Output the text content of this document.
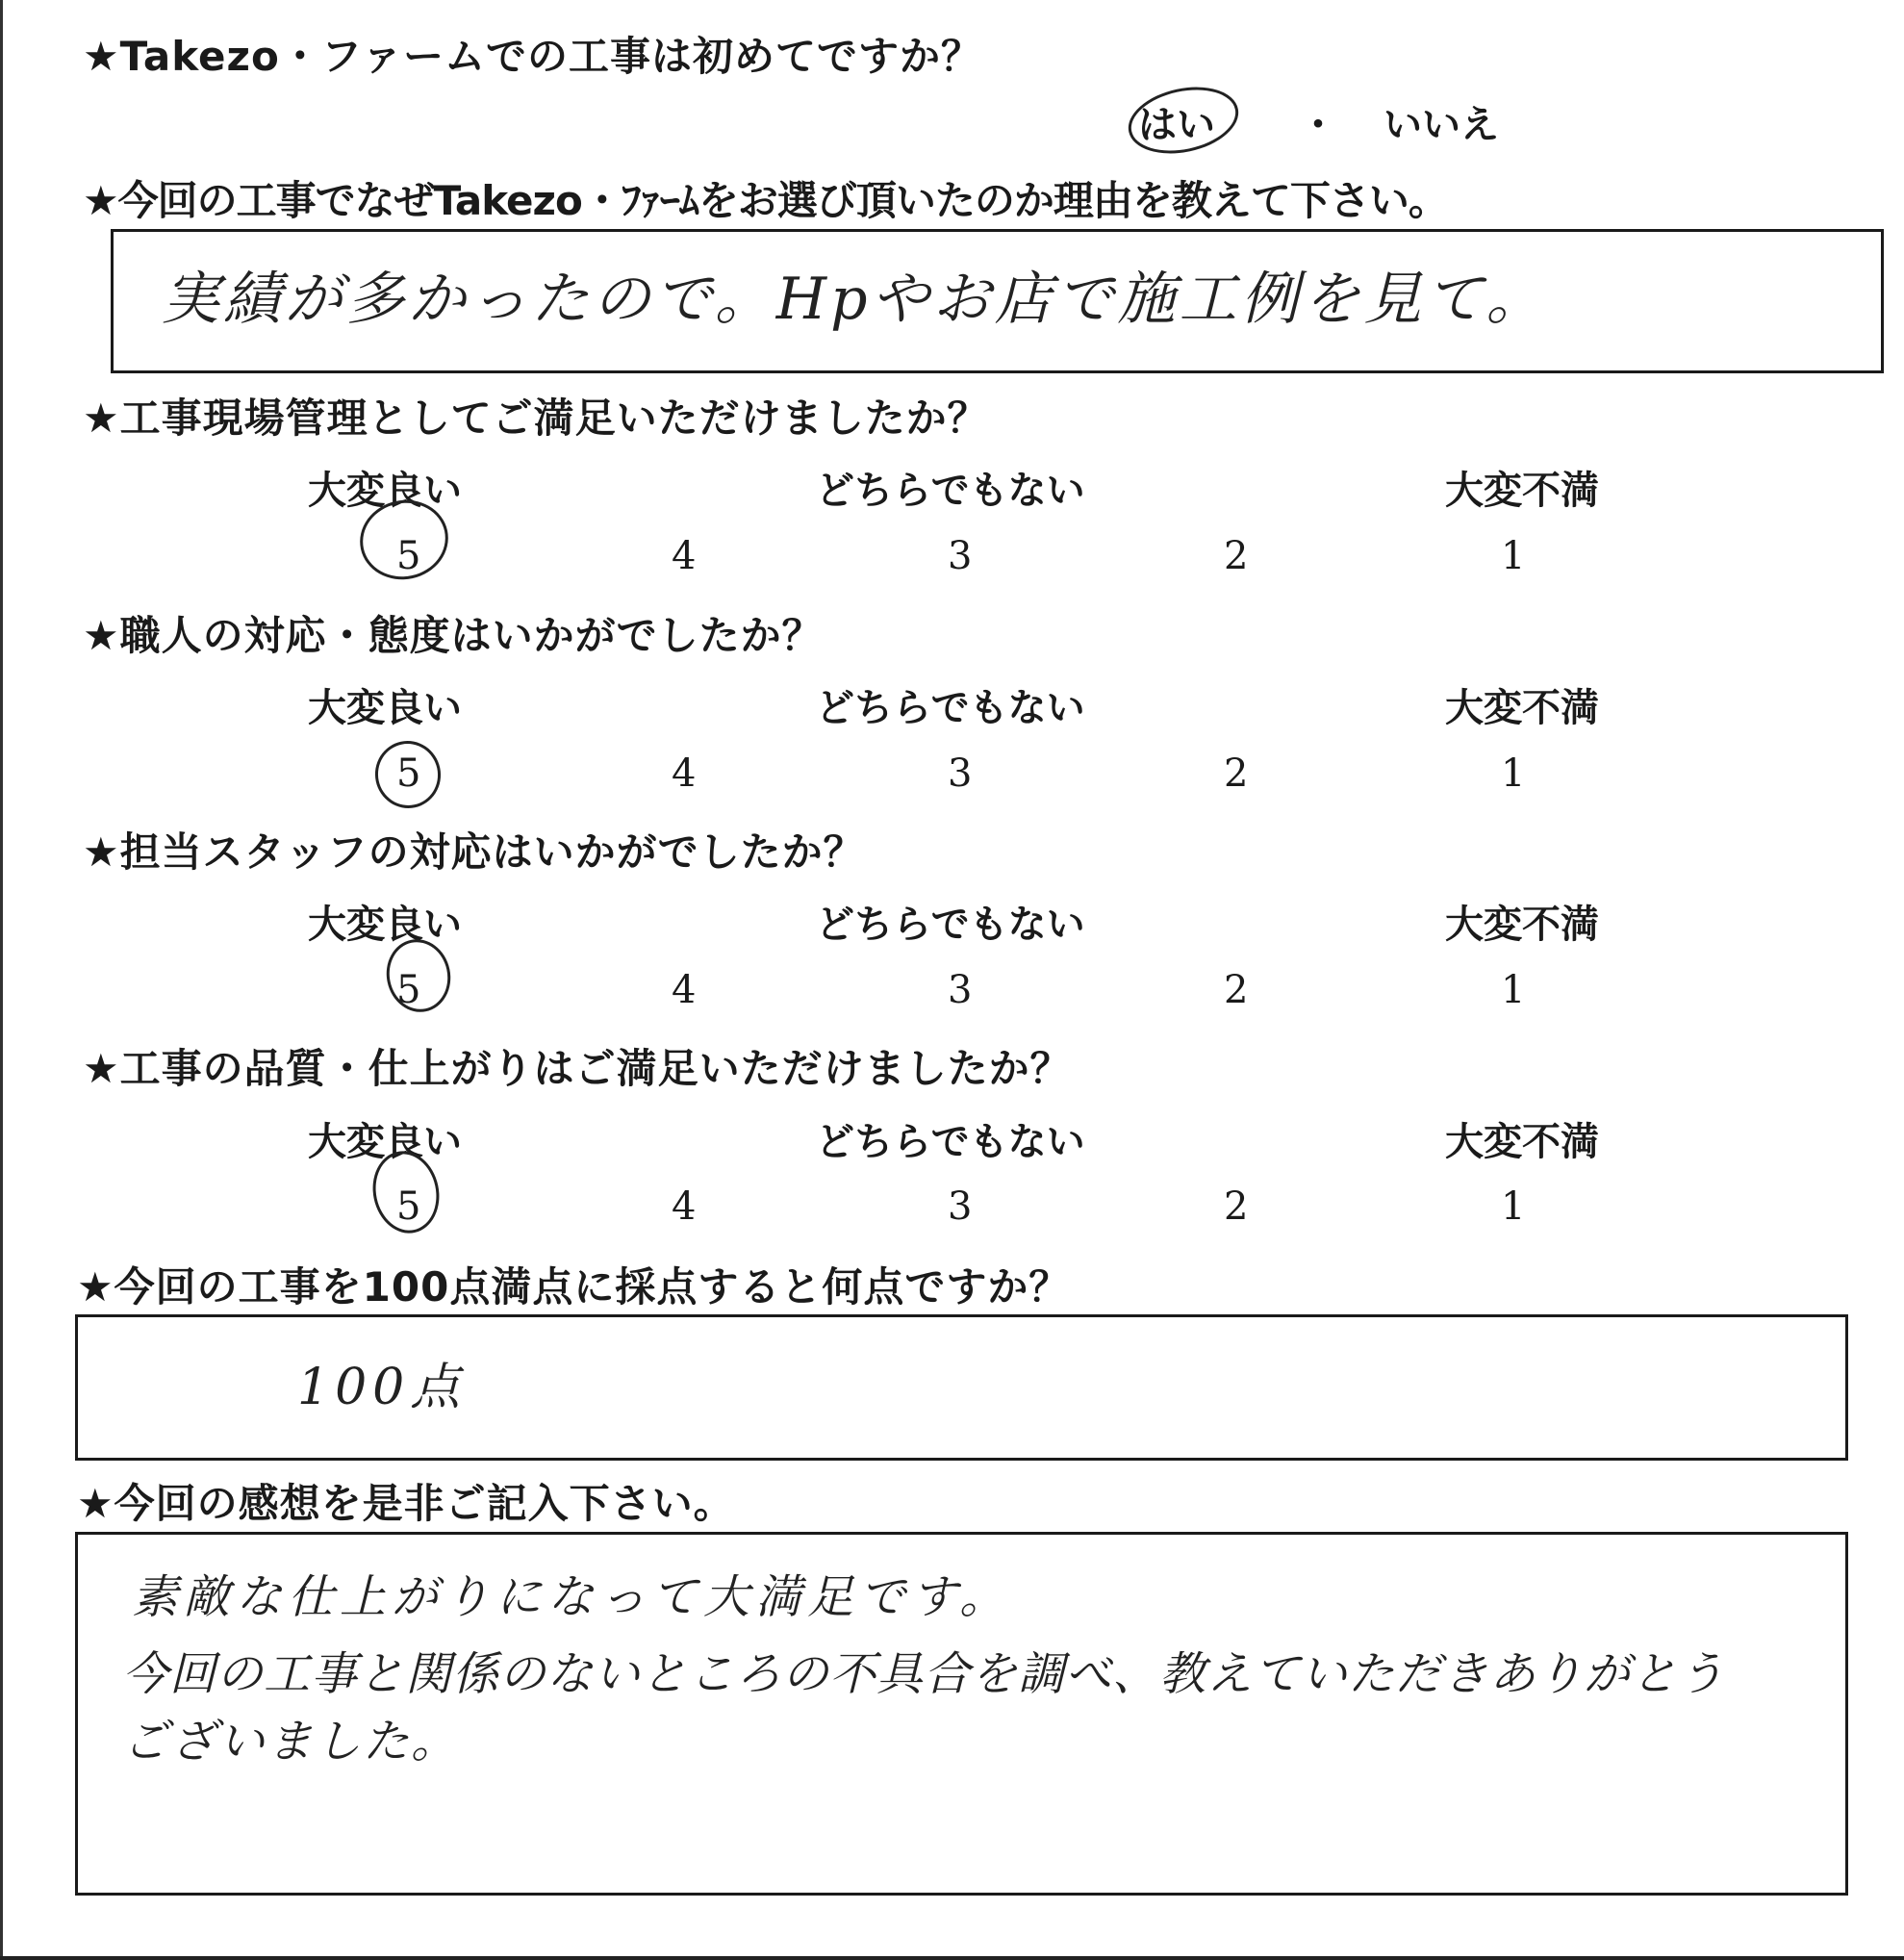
★Takezo・ファームでの工事は初めてですか？
はい ・ いいえ
★今回の工事でなぜTakezo・ﾌｧｰﾑをお選び頂いたのか理由を教えて下さい。
実績が多かったので。Hpやお店で施工例を見て。
★工事現場管理としてご満足いただけましたか？
大変良い	どちらでもない	大変不満
5	4	3	2	1
★職人の対応・態度はいかがでしたか？
大変良い	どちらでもない	大変不満
5	4	3	2	1
★担当スタッフの対応はいかがでしたか？
大変良い	どちらでもない	大変不満
5	4	3	2	1
★工事の品質・仕上がりはご満足いただけましたか？
大変良い	どちらでもない	大変不満
5	4	3	2	1
★今回の工事を100点満点に採点すると何点ですか？
100点
★今回の感想を是非ご記入下さい。
素敵な仕上がりになって大満足です。
今回の工事と関係のないところの不具合を調べ、教えていただきありがとう
ございました。
